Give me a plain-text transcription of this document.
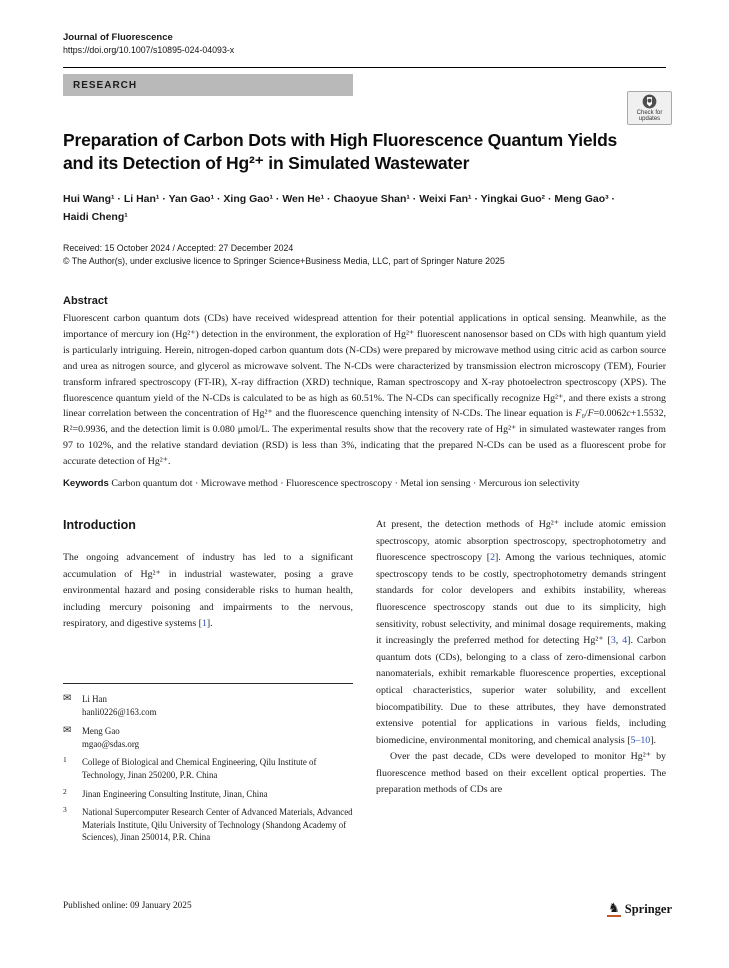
Journal of Fluorescence
https://doi.org/10.1007/s10895-024-04093-x
RESEARCH
Check for updates
Preparation of Carbon Dots with High Fluorescence Quantum Yields
and its Detection of Hg²⁺ in Simulated Wastewater
Hui Wang¹ · Li Han¹ · Yan Gao¹ · Xing Gao¹ · Wen He¹ · Chaoyue Shan¹ · Weixi Fan¹ · Yingkai Guo² · Meng Gao³ · Haidi Cheng¹
Received: 15 October 2024 / Accepted: 27 December 2024
© The Author(s), under exclusive licence to Springer Science+Business Media, LLC, part of Springer Nature 2025
Abstract

Fluorescent carbon quantum dots (CDs) have received widespread attention for their potential applications in optical sensing. Meanwhile, as the importance of mercury ion (Hg²⁺) detection in the environment, the exploration of Hg²⁺ fluorescent nanosensor based on CDs with high quantum yield is particularly intriguing. Herein, nitrogen-doped carbon quantum dots (N-CDs) were prepared by microwave method using citric acid as carbon source and urea as nitrogen source, and glycerol as microwave solvent. The N-CDs were characterized by transmission electron microscopy (TEM), Fourier transform infrared spectroscopy (FT-IR), X-ray diffraction (XRD) technique, Raman spectroscopy and X-ray photoelectron spectroscopy (XPS). The fluorescence quantum yield of the N-CDs is calculated to be as high as 60.51%. The N-CDs can specifically recognize Hg²⁺, and there exists a strong linear correlation between the concentration of Hg²⁺ and the fluorescence quenching intensity of N-CDs. The linear equation is F₀/F=0.0062c+1.5532, R²=0.9936, and the detection limit is 0.080 μmol/L. The experimental results show that the recovery rate of Hg²⁺ in simulated wastewater ranges from 97 to 102%, and the relative standard deviation (RSD) is less than 3%, indicating that the prepared N-CDs can be used as a fluorescent probe for accurate detection of Hg²⁺.

Keywords Carbon quantum dot · Microwave method · Fluorescence spectroscopy · Metal ion sensing · Mercurous ion selectivity

Introduction

The ongoing advancement of industry has led to a significant accumulation of Hg²⁺ in industrial wastewater, posing a grave environmental hazard and posing considerable risks to human health, including mercury poisoning and impairments to the nervous, respiratory, and digestive systems [1].

✉	Li Han
hanli0226@163.com
✉	Meng Gao
mgao@sdas.org
1	College of Biological and Chemical Engineering, Qilu Institute of Technology, Jinan 250200, P.R. China
2	Jinan Engineering Consulting Institute, Jinan, China
3	National Supercomputer Research Center of Advanced Materials, Advanced Materials Institute, Qilu University of Technology (Shandong Academy of Sciences), Jinan 250014, P.R. China

At present, the detection methods of Hg²⁺ include atomic emission spectroscopy, atomic absorption spectroscopy, spectrophotometry and fluorescence spectroscopy [2]. Among the various techniques, atomic spectroscopy tends to be costly, spectrophotometry demands stringent standards for color developers and exhibits instability, whereas fluorescence spectroscopy stands out due to its simplicity, high sensitivity, robust selectivity, and minimal dosage requirements, making it increasingly the preferred method for detecting Hg²⁺ [3, 4]. Carbon quantum dots (CDs), belonging to a class of zero-dimensional carbon nanomaterials, exhibit remarkable fluorescence properties, exceptional optical characteristics, superior water solubility, and excellent biocompatibility. Due to these attributes, they have demonstrated extensive potential for applications in various fields, including biomedicine, environmental monitoring, and chemical analysis [5–10].

Over the past decade, CDs were developed to monitor Hg²⁺ by fluorescence method based on their excellent optical properties. The preparation methods of CDs are

Published online: 09 January 2025	♞ Springer
